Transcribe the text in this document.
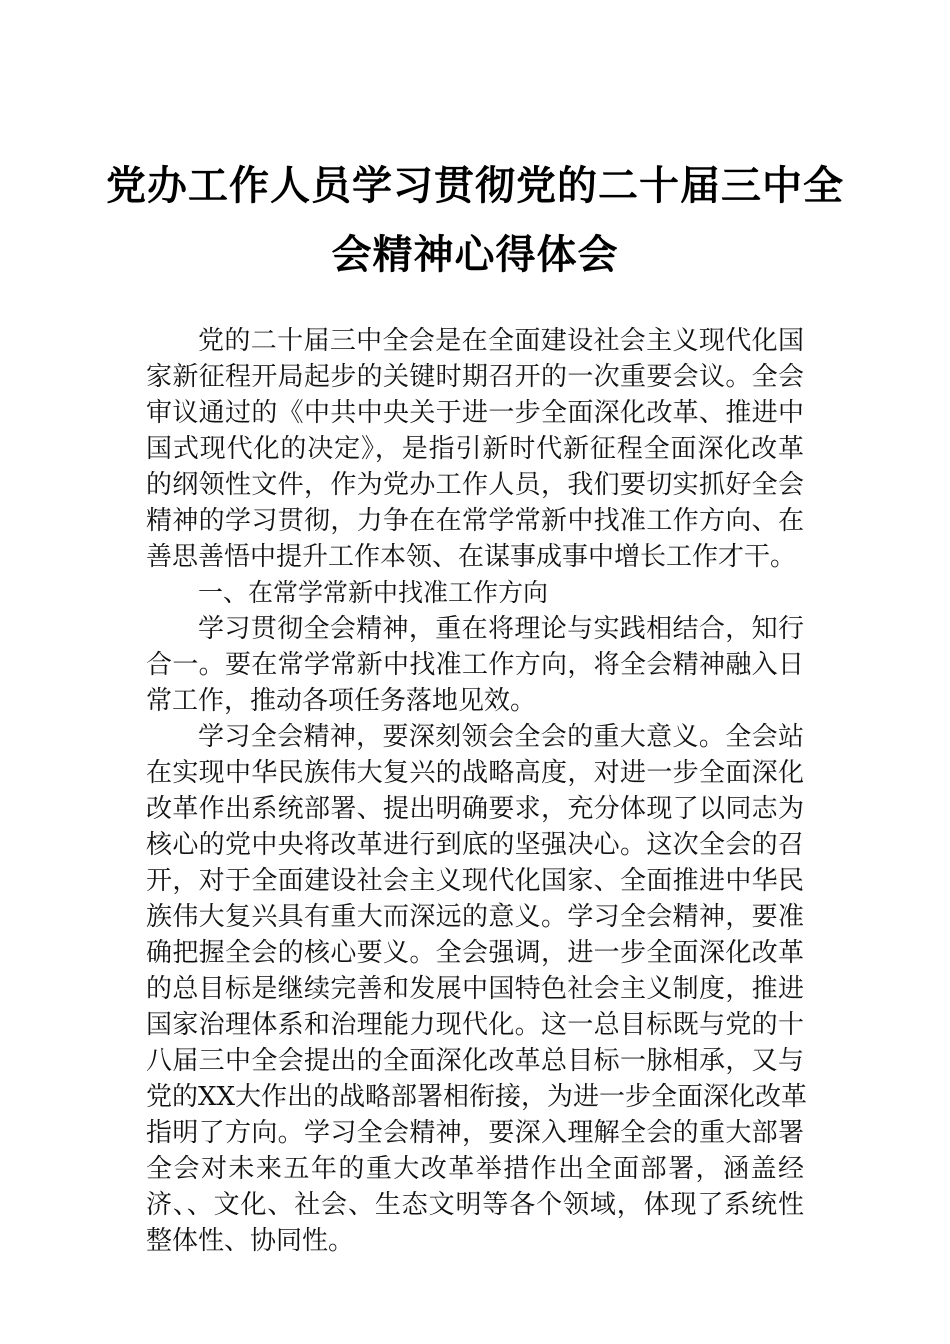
党办工作人员学习贯彻党的二十届三中全
会精神心得体会
党的二十届三中全会是在全面建设社会主义现代化国
家新征程开局起步的关键时期召开的一次重要会议。全会
审议通过的《中共中央关于进一步全面深化改革、推进中
国式现代化的决定》，是指引新时代新征程全面深化改革
的纲领性文件，作为党办工作人员，我们要切实抓好全会
精神的学习贯彻，力争在在常学常新中找准工作方向、在
善思善悟中提升工作本领、在谋事成事中增长工作才干。
一、在常学常新中找准工作方向
学习贯彻全会精神，重在将理论与实践相结合，知行
合一。要在常学常新中找准工作方向，将全会精神融入日
常工作，推动各项任务落地见效。
学习全会精神，要深刻领会全会的重大意义。全会站
在实现中华民族伟大复兴的战略高度，对进一步全面深化
改革作出系统部署、提出明确要求，充分体现了以同志为
核心的党中央将改革进行到底的坚强决心。这次全会的召
开，对于全面建设社会主义现代化国家、全面推进中华民
族伟大复兴具有重大而深远的意义。学习全会精神，要准
确把握全会的核心要义。全会强调，进一步全面深化改革
的总目标是继续完善和发展中国特色社会主义制度，推进
国家治理体系和治理能力现代化。这一总目标既与党的十
八届三中全会提出的全面深化改革总目标一脉相承，又与
党的XX大作出的战略部署相衔接，为进一步全面深化改革
指明了方向。学习全会精神，要深入理解全会的重大部署
全会对未来五年的重大改革举措作出全面部署，涵盖经
济、、文化、社会、生态文明等各个领域，体现了系统性
整体性、协同性。
